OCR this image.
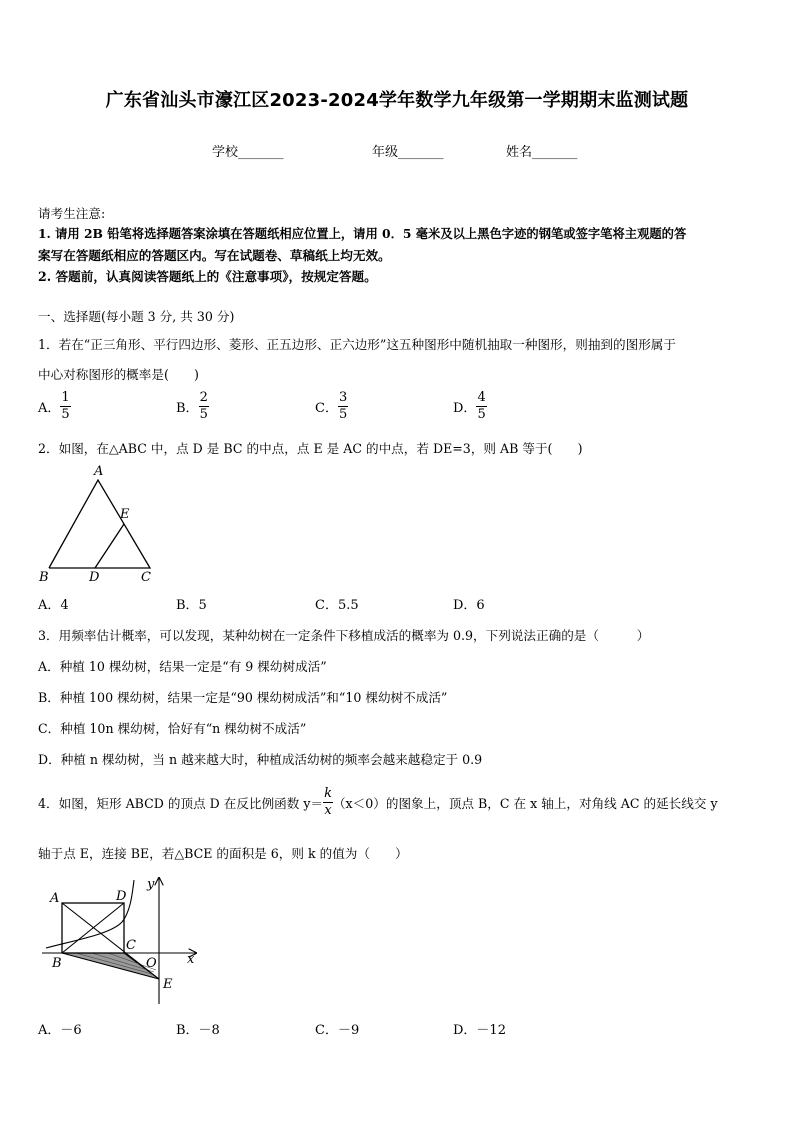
广东省汕头市濠江区2023-2024学年数学九年级第一学期期末监测试题
学校_______	年级_______	姓名_______
请考生注意:
1. 请用 2B 铅笔将选择题答案涂填在答题纸相应位置上，请用 0．5 毫米及以上黑色字迹的钢笔或签字笔将主观题的答
案写在答题纸相应的答题区内。写在试题卷、草稿纸上均无效。
2. 答题前，认真阅读答题纸上的《注意事项》，按规定答题。
一、选择题(每小题 3 分, 共 30 分)
1．若在“正三角形、平行四边形、菱形、正五边形、正六边形”这五种图形中随机抽取一种图形，则抽到的图形属于
中心对称图形的概率是(　　)
A． $\frac{1}{5}$	B． $\frac{2}{5}$	C． $\frac{3}{5}$	D． $\frac{4}{5}$
2．如图，在△ABC 中，点 D 是 BC 的中点，点 E 是 AC 的中点，若 DE=3，则 AB 等于(　　)
A
E
B	D	C
A．4	B．5	C．5.5	D．6
3．用频率估计概率，可以发现，某种幼树在一定条件下移植成活的概率为 0.9，下列说法正确的是（　　　）
A．种植 10 棵幼树，结果一定是“有 9 棵幼树成活”
B．种植 100 棵幼树，结果一定是“90 棵幼树成活”和“10 棵幼树不成活”
C．种植 10n 棵幼树，恰好有“n 棵幼树不成活”
D．种植 n 棵幼树，当 n 越来越大时，种植成活幼树的频率会越来越稳定于 0.9
4．如图，矩形 ABCD 的顶点 D 在反比例函数 $y= \frac{k}{x} (x<0)$的图象上，顶点 B，C 在 x 轴上，对角线 AC 的延长线交 y
轴于点 E，连接 BE，若△BCE 的面积是 6，则 k 的值为（　　）
A	D
B
C
O
E
x
y
A．－6	B．－8	C．－9	D．－12
